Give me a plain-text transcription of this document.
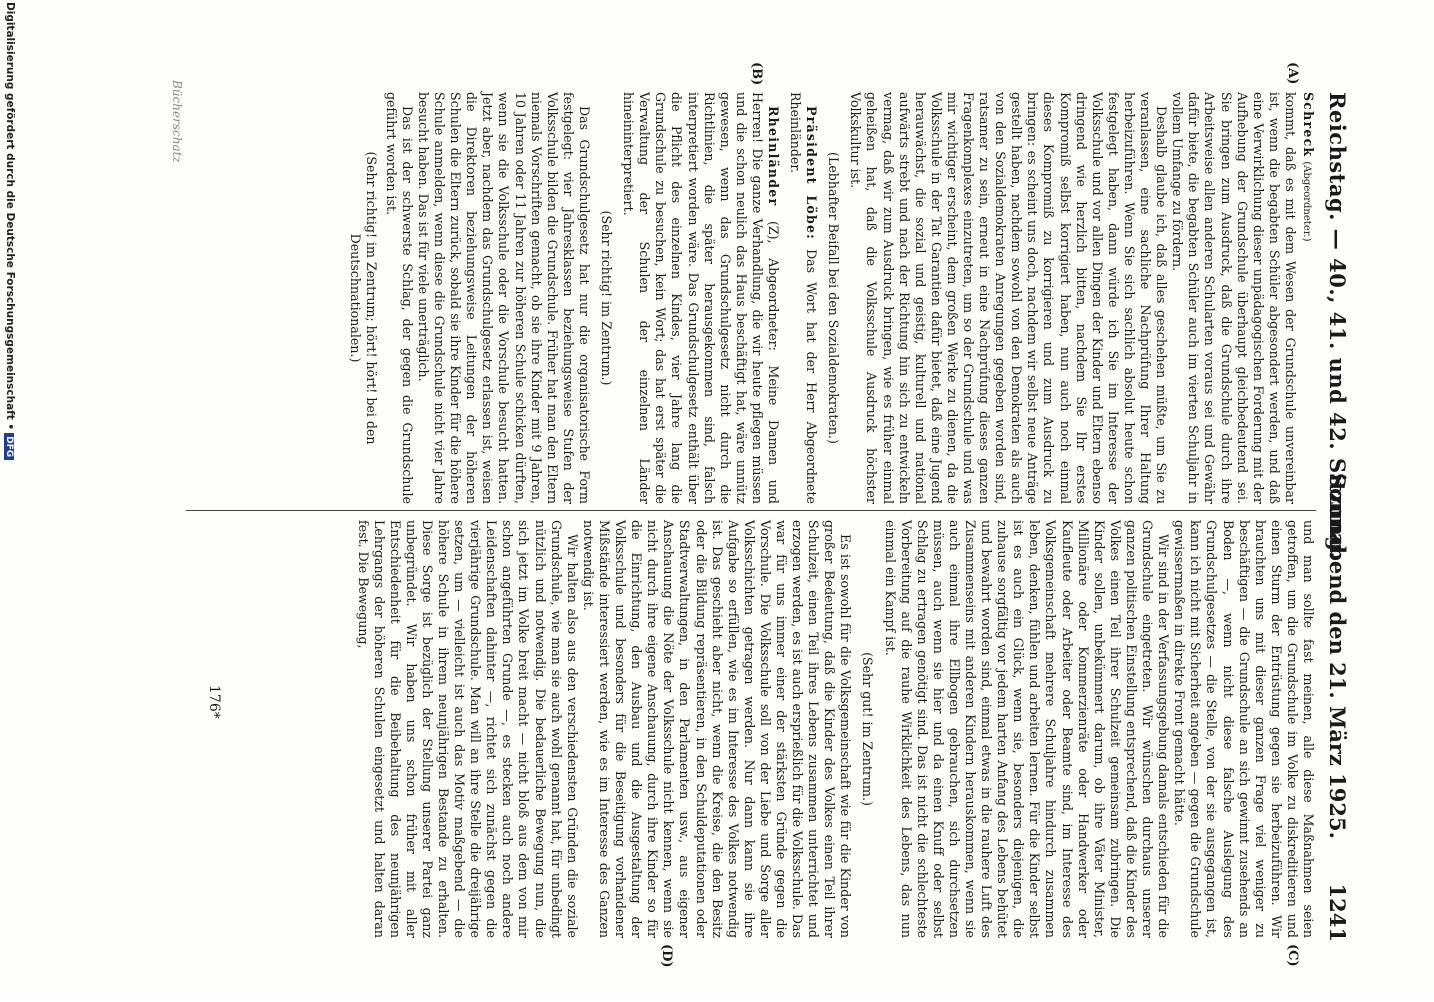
Reichstag. — 40., 41. und 42. Sitzung.
Sonnabend den 21. März 1925.  1241
(A)
(B)
(C)
(D)

Schreck (Abgeordneter.)

kommt, daß es mit dem Wesen der Grundschule unvereinbar ist, wenn die begabten Schüler abgesondert werden, und daß eine Verwirklichung dieser unpädagogischen Forderung mit der Aufhebung der Grundschule überhaupt gleichbedeutend sei. Sie bringen zum Ausdruck, daß die Grundschule durch ihre Arbeitsweise allen anderen Schularten voraus sei und Gewähr dafür biete, die begabten Schüler auch im vierten Schuljahr in vollem Umfange zu fördern.

Deshalb glaube ich, daß alles geschehen müßte, um Sie zu veranlassen, eine sachliche Nachprüfung Ihrer Haltung herbeizuführen. Wenn Sie sich sachlich absolut heute schon festgelegt haben, dann würde ich Sie im Interesse der Volksschule und vor allen Dingen der Kinder und Eltern ebenso dringend wie herzlich bitten, nachdem Sie Ihr erstes Kompromiß selbst korrigiert haben, nun auch noch einmal dieses Kompromiß zu korrigieren und zum Ausdruck zu bringen: es scheint uns doch, nachdem wir selbst neue Anträge gestellt haben, nachdem sowohl von den Demokraten als auch von den Sozialdemokraten Anregungen gegeben worden sind, ratsamer zu sein, erneut in eine Nachprüfung dieses ganzen Fragenkomplexes einzutreten, um so der Grundschule und was mir wichtiger erscheint, dem großen Werke zu dienen, da die Volksschule in der Tat Garantien dafür bietet, daß eine Jugend herauwächst, die sozial und geistig, kulturell und national aufwärts strebt und nach der Richtung hin sich zu entwickeln vermag, daß wir zum Ausdruck bringen, wie es früher einmal geheißen hat, daß die Volksschule Ausdruck höchster Volkskultur ist.

(Lebhafter Beifall bei den Sozialdemokraten.)

Präsident Löbe: Das Wort hat der Herr Abgeordnete Rheinländer.

Rheinländer (Z), Abgeordneter: Meine Damen und Herren! Die ganze Verhandlung, die wir heute pflegen müssen und die schon neulich das Haus beschäftigt hat, wäre unnütz gewesen, wenn das Grundschulgesetz nicht durch die Richtlinien, die später herausgekommen sind, falsch interpretiert worden wäre. Das Grundschulgesetz enthält über die Pflicht des einzelnen Kindes, vier Jahre lang die Grundschule zu besuchen, kein Wort; das hat erst später die Verwaltung der Schulen der einzelnen Länder hineininterpretiert.

(Sehr richtig! im Zentrum.)

Das Grundschulgesetz hat nur die organisatorische Form festgelegt: vier Jahresklassen beziehungsweise Stufen der Volksschule bilden die Grundschule. Früher hat man den Eltern niemals Vorschriften gemacht, ob sie ihre Kinder mit 9 Jahren, 10 Jahren oder 11 Jahren zur höheren Schule schicken dürften, wenn sie die Volksschule oder die Vorschule besucht hatten. Jetzt aber, nachdem das Grundschulgesetz erlassen ist, weisen die Direktoren beziehungsweise Leitungen der höheren Schulen die Eltern zurück, sobald sie ihre Kinder für die höhere Schule anmelden, wenn diese die Grundschule nicht vier Jahre besucht haben. Das ist für viele unerträglich.

Das ist der schwerste Schlag, der gegen die Grundschule geführt worden ist.

(Sehr richtig! im Zentrum; hört! hört! bei den Deutschnationalen.)

und man sollte fast meinen, alle diese Maßnahmen seien getroffen, um die Grundschule im Volke zu diskreditieren und einen Sturm der Entrüstung gegen sie herbeizuführen. Wir brauchten uns mit dieser ganzen Frage viel weniger zu beschäftigen — die Grundschule an sich gewinnt zusehends an Boden —, wenn nicht diese falsche Auslegung des Grundschulgesetzes — die Stelle, von der sie ausgegangen ist, kann ich nicht mit Sicherheit angeben — gegen die Grundschule gewissermaßen in direkte Front gemacht hätte.

Wir sind in der Verfassungsgebung damals entschieden für die Grundschule eingetreten. Wir wünschen durchaus unserer ganzen politischen Einstellung entsprechend, daß die Kinder des Volkes einen Teil ihrer Schulzeit gemeinsam zubringen. Die Kinder sollen, unbekümmert darum, ob ihre Väter Minister, Millionäre oder Kommerzienräte oder Handwerker oder Kaufleute oder Arbeiter oder Beamte sind, im Interesse des Volksgemeinschaft mehrere Schuljahre hindurch zusammen leben, denken, fühlen und arbeiten lernen. Für die Kinder selbst ist es auch ein Glück, wenn sie, besonders diejenigen, die zuhause sorgfältig vor jedem harten Anfang des Lebens behütet und bewahrt worden sind, einmal etwas in die rauhere Luft des Zusammenseins mit anderen Kindern herauskommen, wenn sie auch einmal ihre Ellbogen gebrauchen, sich durchsetzen müssen, auch wenn sie hier und da einen Knuff oder selbst Schlag zu ertragen genötigt sind. Das ist nicht die schlechteste Vorbereitung auf die rauhe Wirklichkeit des Lebens, das nun einmal ein Kampf ist.

(Sehr gut! im Zentrum.)

Es ist sowohl für die Volksgemeinschaft wie für die Kinder von großer Bedeutung, daß die Kinder des Volkes einen Teil ihrer Schulzeit, einen Teil ihres Lebens zusammen unterrichtet und erzogen werden, es ist auch ersprießlich für die Volksschule. Das war für uns immer einer der stärksten Gründe gegen die Vorschule. Die Volksschule soll von der Liebe und Sorge aller Volksschichten getragen werden. Nur dann kann sie ihre Aufgabe so erfüllen, wie es im Interesse des Volkes notwendig ist. Das geschieht aber nicht, wenn die Kreise, die den Besitz oder die Bildung repräsentieren, in den Schuldeputationen oder Stadtverwaltungen, in den Parlamenten usw., aus eigener Anschauung die Nöte der Volksschule nicht kennen, wenn sie nicht durch ihre eigene Anschauung, durch ihre Kinder so für die Einrichtung, den Ausbau und die Ausgestaltung der Volksschule und besonders für die Beseitigung vorhandener Mißstände interessiert werden, wie es im Interesse des Ganzen notwendig ist.

Wir halten also aus den verschiedensten Gründen die soziale Grundschule, wie man sie auch wohl genannt hat, für unbedingt nützlich und notwendig. Die bedauerliche Bewegung nun, die sich jetzt im Volke breit macht — nicht bloß aus dem von mir schon angeführten Grunde —, es stecken auch noch andere Leidenschaften dahinter —, richtet sich zunächst gegen die vierjährige Grundschule. Man will an ihre Stelle die dreijährige setzen, um — vielleicht ist auch das Motiv maßgebend — die höhere Schule in ihrem neunjährigen Bestande zu erhalten. Diese Sorge ist bezüglich der Stellung unserer Partei ganz unbegründet. Wir haben uns schon früher mit aller Entschiedenheit für die Beibehaltung des neunjährigen Lehrgangs der höheren Schulen eingesetzt und halten daran fest. Die Bewegung,

176*
Bücherschatz
Digitalisierung gefördert durch die Deutsche Forschungsgemeinschaft •DFG
